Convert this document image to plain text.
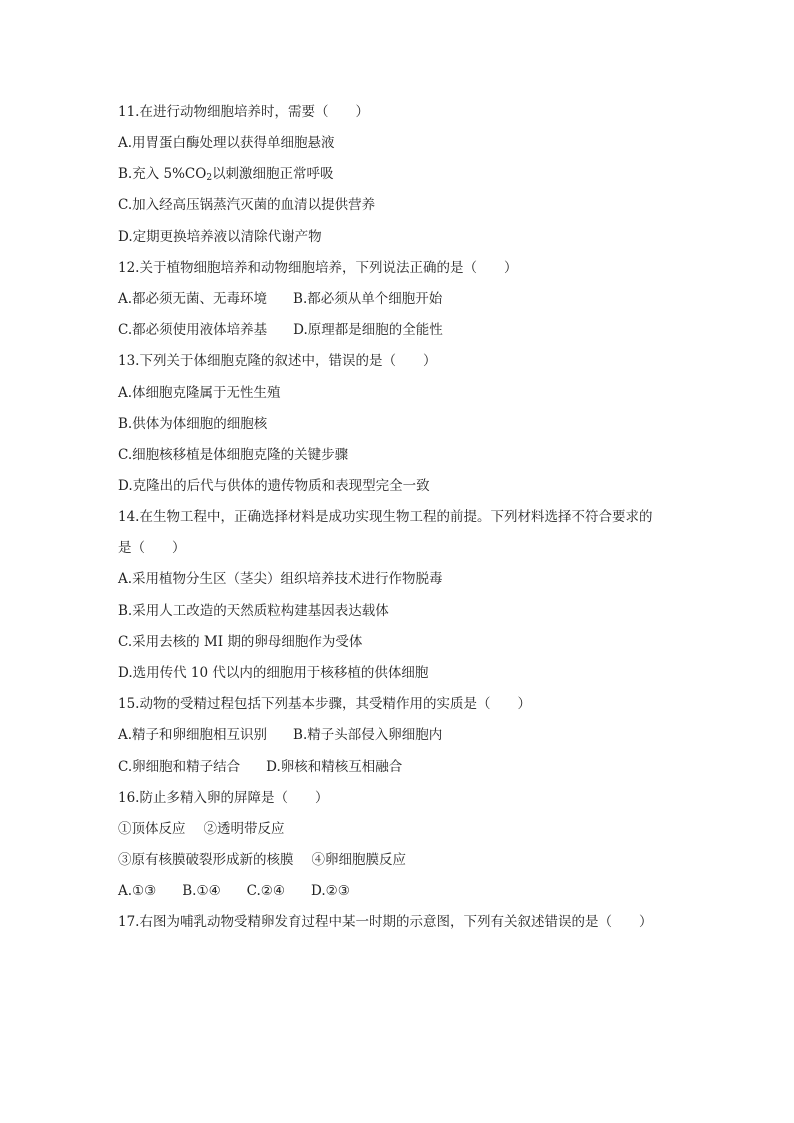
11.在进行动物细胞培养时，需要（　　）
A.用胃蛋白酶处理以获得单细胞悬液
B.充入 $5\%CO_2$以刺激细胞正常呼吸
C.加入经高压锅蒸汽灭菌的血清以提供营养
D.定期更换培养液以清除代谢产物
12.关于植物细胞培养和动物细胞培养，下列说法正确的是（　　）
A.都必须无菌、无毒环境 B.都必须从单个细胞开始
C.都必须使用液体培养基 D.原理都是细胞的全能性
13.下列关于体细胞克隆的叙述中，错误的是（　　）
A.体细胞克隆属于无性生殖
B.供体为体细胞的细胞核
C.细胞核移植是体细胞克隆的关键步骤
D.克隆出的后代与供体的遗传物质和表现型完全一致
14.在生物工程中，正确选择材料是成功实现生物工程的前提。下列材料选择不符合要求的
是（　　）
A.采用植物分生区（茎尖）组织培养技术进行作物脱毒
B.采用人工改造的天然质粒构建基因表达载体
C.采用去核的 MⅠ 期的卵母细胞作为受体
D.选用传代 10 代以内的细胞用于核移植的供体细胞
15.动物的受精过程包括下列基本步骤，其受精作用的实质是（　　）
A.精子和卵细胞相互识别 B.精子头部侵入卵细胞内
C.卵细胞和精子结合 D.卵核和精核互相融合
16.防止多精入卵的屏障是（　　）
①顶体反应 ②透明带反应
③原有核膜破裂形成新的核膜 ④卵细胞膜反应
A.①③ B.①④ C.②④ D.②③
17.右图为哺乳动物受精卵发育过程中某一时期的示意图，下列有关叙述错误的是（　　）
